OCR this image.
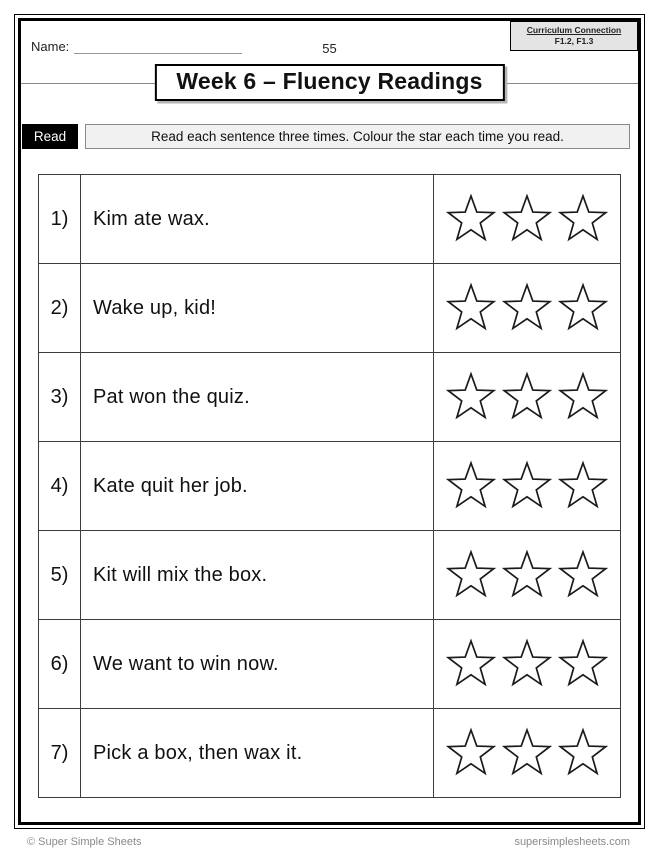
Name:	55
Curriculum Connection
F1.2, F1.3
Week 6 – Fluency Readings
Read	Read each sentence three times. Colour the star each time you read.
1)	Kim ate wax.	
2)	Wake up, kid!	
3)	Pat won the quiz.	
4)	Kate quit her job.	
5)	Kit will mix the box.	
6)	We want to win now.	
7)	Pick a box, then wax it.	
© Super Simple Sheets	supersimplesheets.com
